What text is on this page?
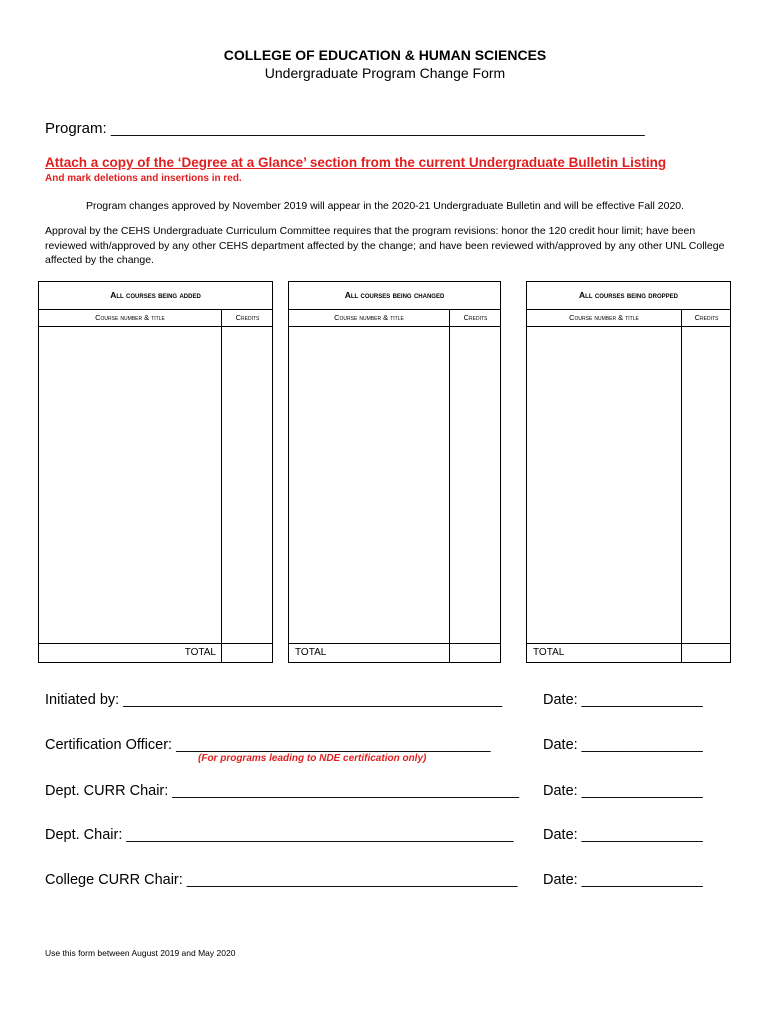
COLLEGE OF EDUCATION & HUMAN SCIENCES
Undergraduate Program Change Form
Program: ________________________________________________________________
Attach a copy of the ‘Degree at a Glance’ section from the current Undergraduate Bulletin Listing
And mark deletions and insertions in red.
Program changes approved by November 2019 will appear in the 2020-21 Undergraduate Bulletin and will be effective Fall 2020.
Approval by the CEHS Undergraduate Curriculum Committee requires that the program revisions: honor the 120 credit hour limit; have been reviewed with/approved by any other CEHS department affected by the change; and have been reviewed with/approved by any other UNL College affected by the change.
All courses being added
Course number & title	Credits
TOTAL
All courses being changed
Course number & title	Credits
TOTAL
All courses being dropped
Course number & title	Credits
TOTAL
Initiated by: _______________________________________________	Date: _______________
Certification Officer: _______________________________________	Date: _______________
(For programs leading to NDE certification only)
Dept. CURR Chair: ___________________________________________ Date: _______________
Dept. Chair: ________________________________________________ Date: _______________
College CURR Chair: _________________________________________ Date: _______________
Use this form between August 2019 and May 2020
